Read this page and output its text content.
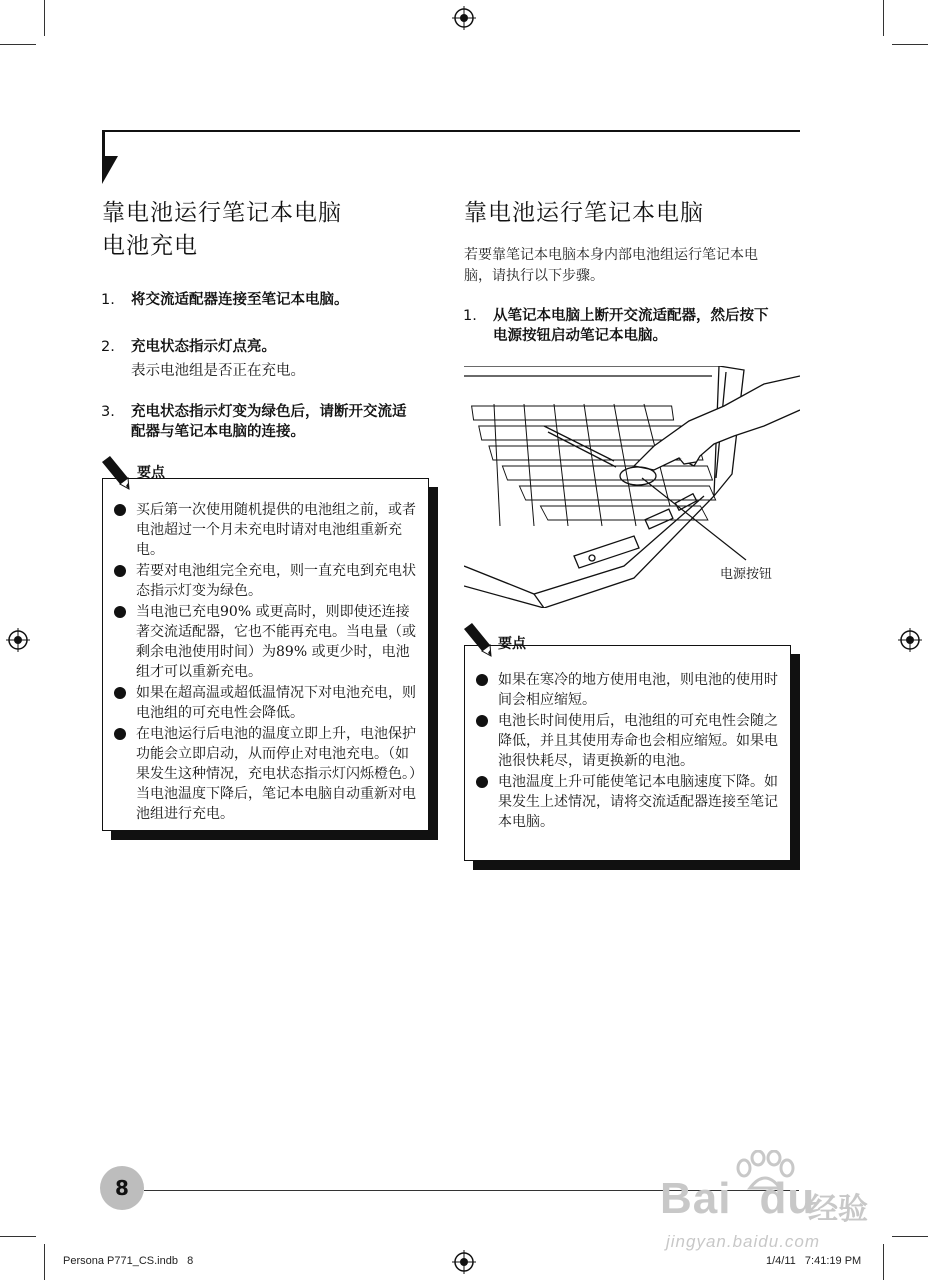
靠电池运行笔记本电脑
电池充电
1. 将交流适配器连接至笔记本电脑。
2. 充电状态指示灯点亮。
表示电池组是否正在充电。
3. 充电状态指示灯变为绿色后，请断开交流适
配器与笔记本电脑的连接。
要点
买后第一次使用随机提供的电池组之前，或者电池超过一个月未充电时请对电池组重新充电。
若要对电池组完全充电，则一直充电到充电状态指示灯变为绿色。
当电池已充电90% 或更高时，则即使还连接著交流适配器，它也不能再充电。当电量（或剩余电池使用时间）为89% 或更少时，电池组才可以重新充电。
如果在超高温或超低温情况下对电池充电，则电池组的可充电性会降低。
在电池运行后电池的温度立即上升，电池保护功能会立即启动，从而停止对电池充电。（如果发生这种情况，充电状态指示灯闪烁橙色。）当电池温度下降后，笔记本电脑自动重新对电池组进行充电。
靠电池运行笔记本电脑
若要靠笔记本电脑本身内部电池组运行笔记本电
脑，请执行以下步骤。
1. 从笔记本电脑上断开交流适配器，然后按下
电源按钮启动笔记本电脑。
电源按钮
要点
如果在寒冷的地方使用电池，则电池的使用时间会相应缩短。
电池长时间使用后，电池组的可充电性会随之降低，并且其使用寿命也会相应缩短。如果电池很快耗尽，请更换新的电池。
电池温度上升可能使笔记本电脑速度下降。如果发生上述情况，请将交流适配器连接至笔记本电脑。
8
Persona P771_CS.indb   8	1/4/11   7:41:19 PM
Bai du
经验
jingyan.baidu.com
